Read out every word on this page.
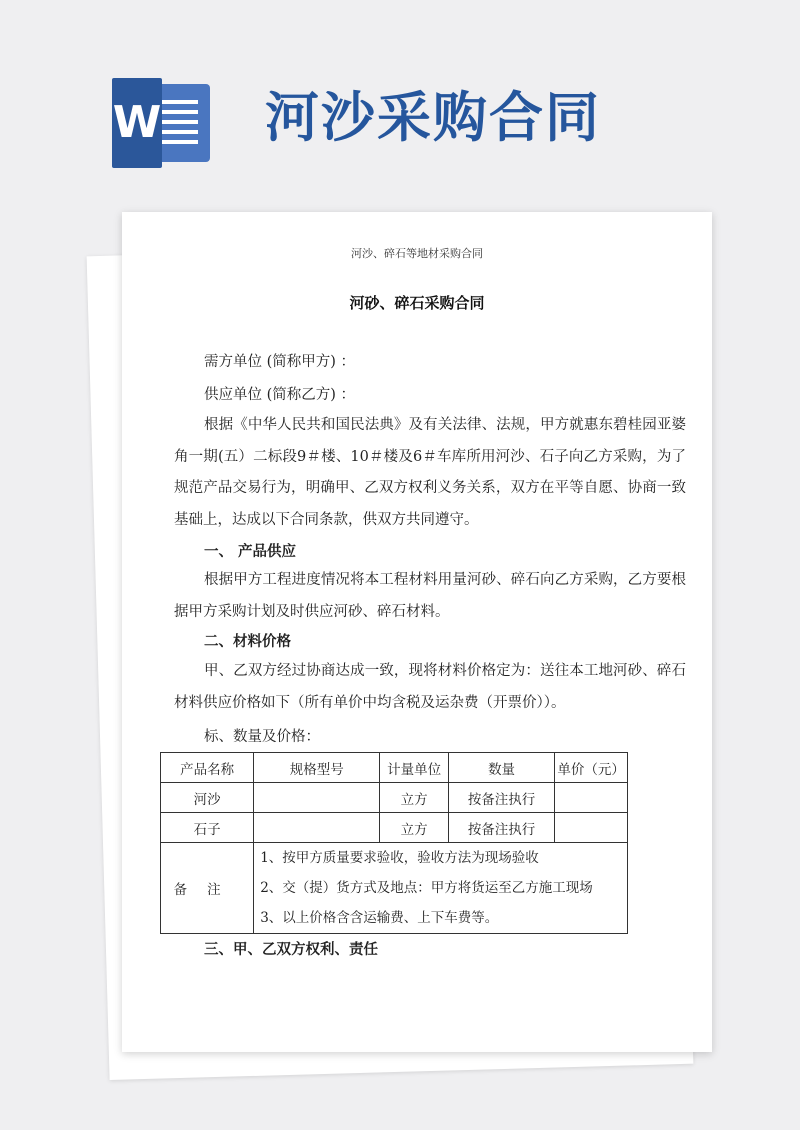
W 河沙采购合同
河沙、碎石等地材采购合同
河砂、碎石采购合同
需方单位 (简称甲方) ：
供应单位 (简称乙方) ：
根据《中华人民共和国民法典》及有关法律、法规，甲方就惠东碧桂园亚婆角一期(五）二标段9＃楼、10＃楼及6＃车库所用河沙、石子向乙方采购，为了规范产品交易行为，明确甲、乙双方权利义务关系，双方在平等自愿、协商一致基础上，达成以下合同条款，供双方共同遵守。
一、 产品供应
根据甲方工程进度情况将本工程材料用量河砂、碎石向乙方采购，乙方要根据甲方采购计划及时供应河砂、碎石材料。
二、材料价格
甲、乙双方经过协商达成一致，现将材料价格定为：送往本工地河砂、碎石材料供应价格如下（所有单价中均含税及运杂费（开票价））。
标、数量及价格：
产品名称	规格型号	计量单位	数量	单价（元）
河沙		立方	按备注执行	
石子		立方	按备注执行	
备注	1、按甲方质量要求验收，验收方法为现场验收
2、交（提）货方式及地点：甲方将货运至乙方施工现场
3、以上价格含含运输费、上下车费等。			
三、甲、乙双方权利、责任
